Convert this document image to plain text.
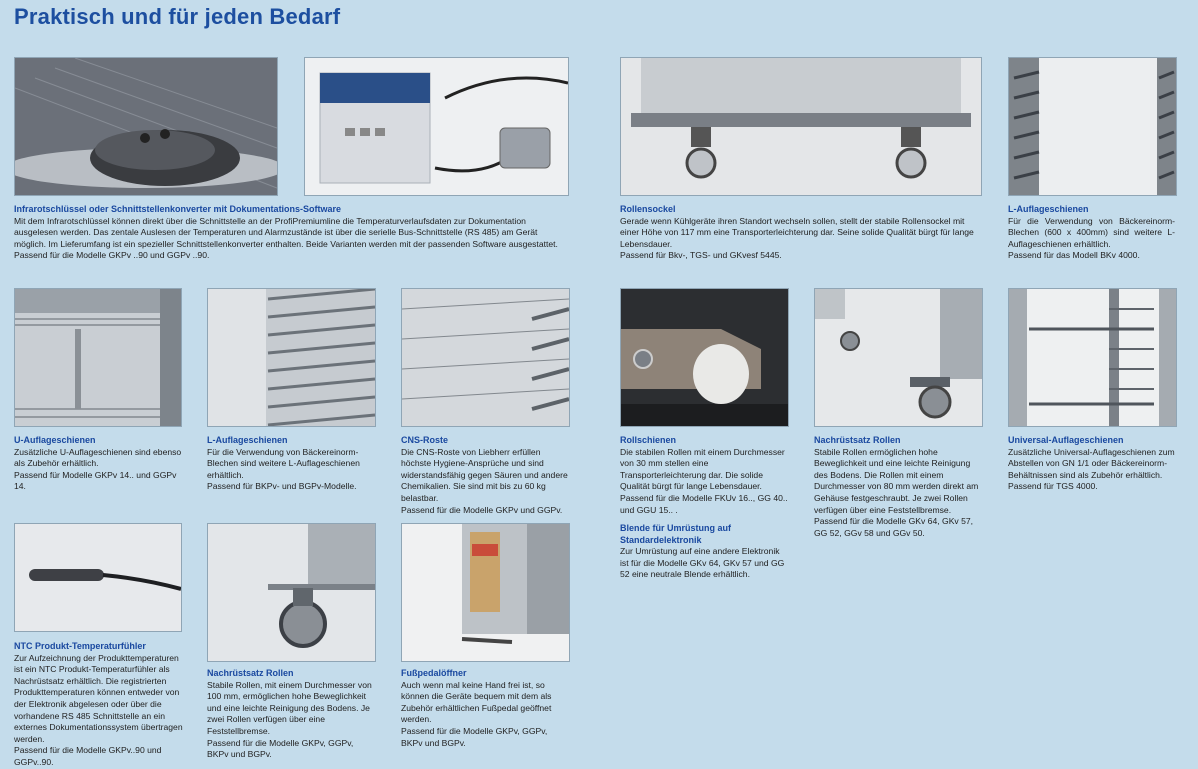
Praktisch und für jeden Bedarf
Infrarotschlüssel oder Schnittstellenkonverter mit Dokumentations-Software
Mit dem Infrarotschlüssel können direkt über die Schnittstelle an der ProfiPremiumline die Temperaturverlaufsdaten zur Dokumentation ausgelesen werden. Das zentale Auslesen der Temperaturen und Alarmzustände ist über die serielle Bus-Schnittstelle (RS 485) am Gerät möglich. Im Lieferumfang ist ein spezieller Schnittstellenkonverter enthalten. Beide Varianten werden mit der passenden Software ausgestattet.
Passend für die Modelle GKPv ..90 und GGPv ..90.
Rollensockel
Gerade wenn Kühlgeräte ihren Standort wechseln sollen, stellt der stabile Rollensockel mit einer Höhe von 117 mm eine Transporterleichterung dar. Seine solide Qualität bürgt für lange Lebensdauer.
Passend für Bkv-, TGS- und GKvesf 5445.
L-Auflageschienen
Für die Verwendung von Bäckereinorm-Blechen (600 x 400mm) sind weitere L-Auflageschienen erhältlich.
Passend für das Modell BKv 4000.
U-Auflageschienen
Zusätzliche U-Auflageschienen sind ebenso als Zubehör erhältlich.
Passend für Modelle GKPv 14.. und GGPv 14.
L-Auflageschienen
Für die Verwendung von Bäckereinorm- Blechen sind weitere L-Auflageschienen erhältlich.
Passend für BKPv- und BGPv-Modelle.
CNS-Roste
Die CNS-Roste von Liebherr erfüllen höchste Hygiene-Ansprüche und sind widerstandsfähig gegen Säuren und andere Chemikalien. Sie sind mit bis zu 60 kg belastbar.
Passend für die Modelle GKPv und GGPv.
Rollschienen
Die stabilen Rollen mit einem Durchmesser von 30 mm stellen eine Transporterleichterung dar. Die solide Qualität bürgt für lange Lebensdauer.
Passend für die Modelle FKUv 16.., GG 40.. und GGU 15.. .
Blende für Umrüstung auf Standardelektronik
Zur Umrüstung auf eine andere Elektronik ist für die Modelle GKv 64, GKv 57 und GG 52 eine neutrale Blende erhältlich.
Nachrüstsatz Rollen
Stabile Rollen ermöglichen hohe Beweglichkeit und eine leichte Reinigung des Bodens. Die Rollen mit einem Durchmesser von 80 mm werden direkt am Gehäuse festgeschraubt. Je zwei Rollen verfügen über eine Feststellbremse.
Passend für die Modelle GKv 64, GKv 57, GG 52, GGv 58 und GGv 50.
Universal-Auflageschienen
Zusätzliche Universal-Auflageschienen zum Abstellen von GN 1/1 oder Bäckereinorm-Behältnissen sind als Zubehör erhältlich.
Passend für TGS 4000.
NTC Produkt-Temperaturfühler
Zur Aufzeichnung der Produkttemperaturen ist ein NTC Produkt-Temperaturfühler als Nachrüstsatz erhältlich. Die registrierten Produkttemperaturen können entweder von der Elektronik abgelesen oder über die vorhandene RS 485 Schnittstelle an ein externes Dokumentationssystem übertragen werden.
Passend für die Modelle GKPv..90 und GGPv..90.
Nachrüstsatz Rollen
Stabile Rollen, mit einem Durchmesser von 100 mm, ermöglichen hohe Beweglichkeit und eine leichte Reinigung des Bodens. Je zwei Rollen verfügen über eine Feststellbremse.
Passend für die Modelle GKPv, GGPv, BKPv und BGPv.
Fußpedalöffner
Auch wenn mal keine Hand frei ist, so können die Geräte bequem mit dem als Zubehör erhältlichen Fußpedal geöffnet werden.
Passend für die Modelle GKPv, GGPv, BKPv und BGPv.
